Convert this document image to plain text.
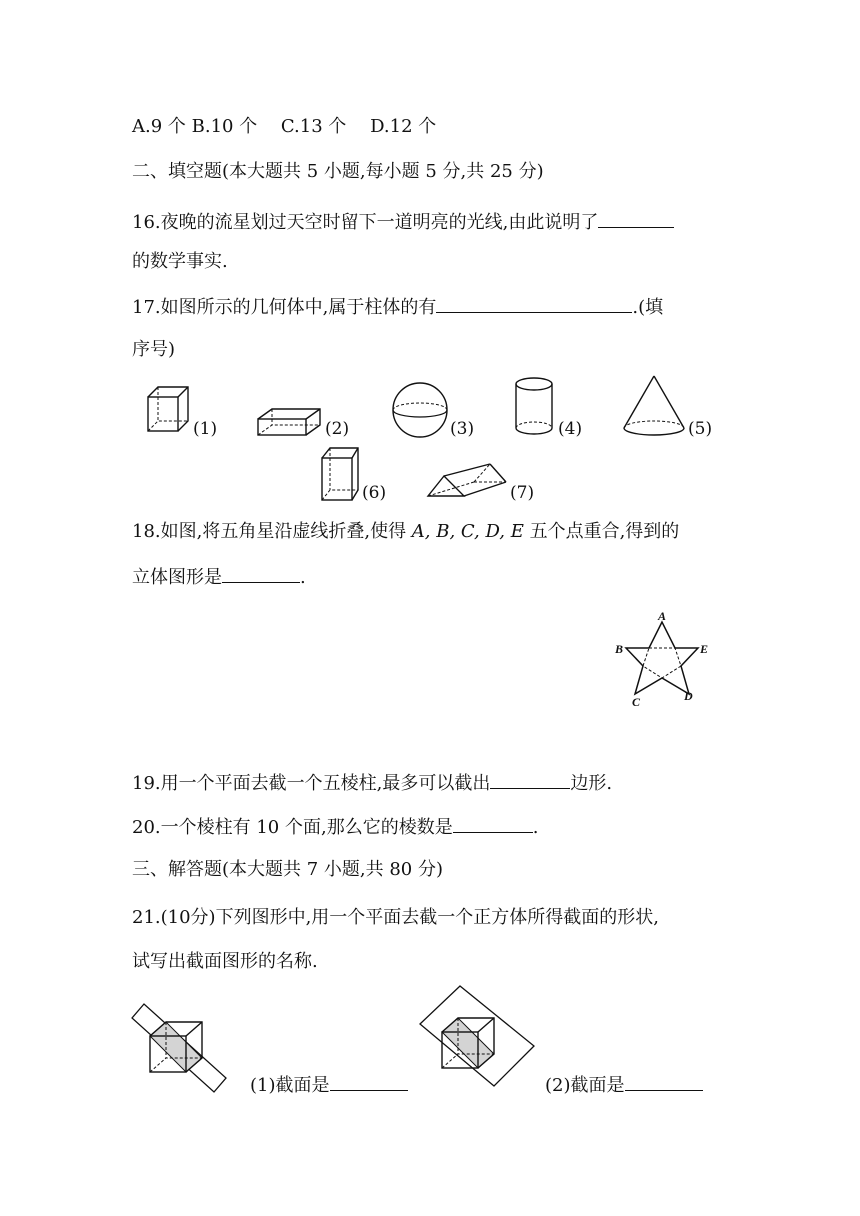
A.9 个 B.10 个 　C.13 个 　D.12 个
二、填空题(本大题共 5 小题,每小题 5 分,共 25 分)
16.夜晚的流星划过天空时留下一道明亮的光线,由此说明了
的数学事实.
17.如图所示的几何体中,属于柱体的有	.(填
序号)
(1)	(2)	(3)	(4)	(5)
(6)	(7)
18.如图,将五角星沿虚线折叠,使得 A, B, C, D, E 五个点重合,得到的
立体图形是	.
A
B	E
C	D
19.用一个平面去截一个五棱柱,最多可以截出	边形.
20.一个棱柱有 10 个面,那么它的棱数是	.
三、解答题(本大题共 7 小题,共 80 分)
21.(10分)下列图形中,用一个平面去截一个正方体所得截面的形状,
试写出截面图形的名称.
(1)截面是	(2)截面是
